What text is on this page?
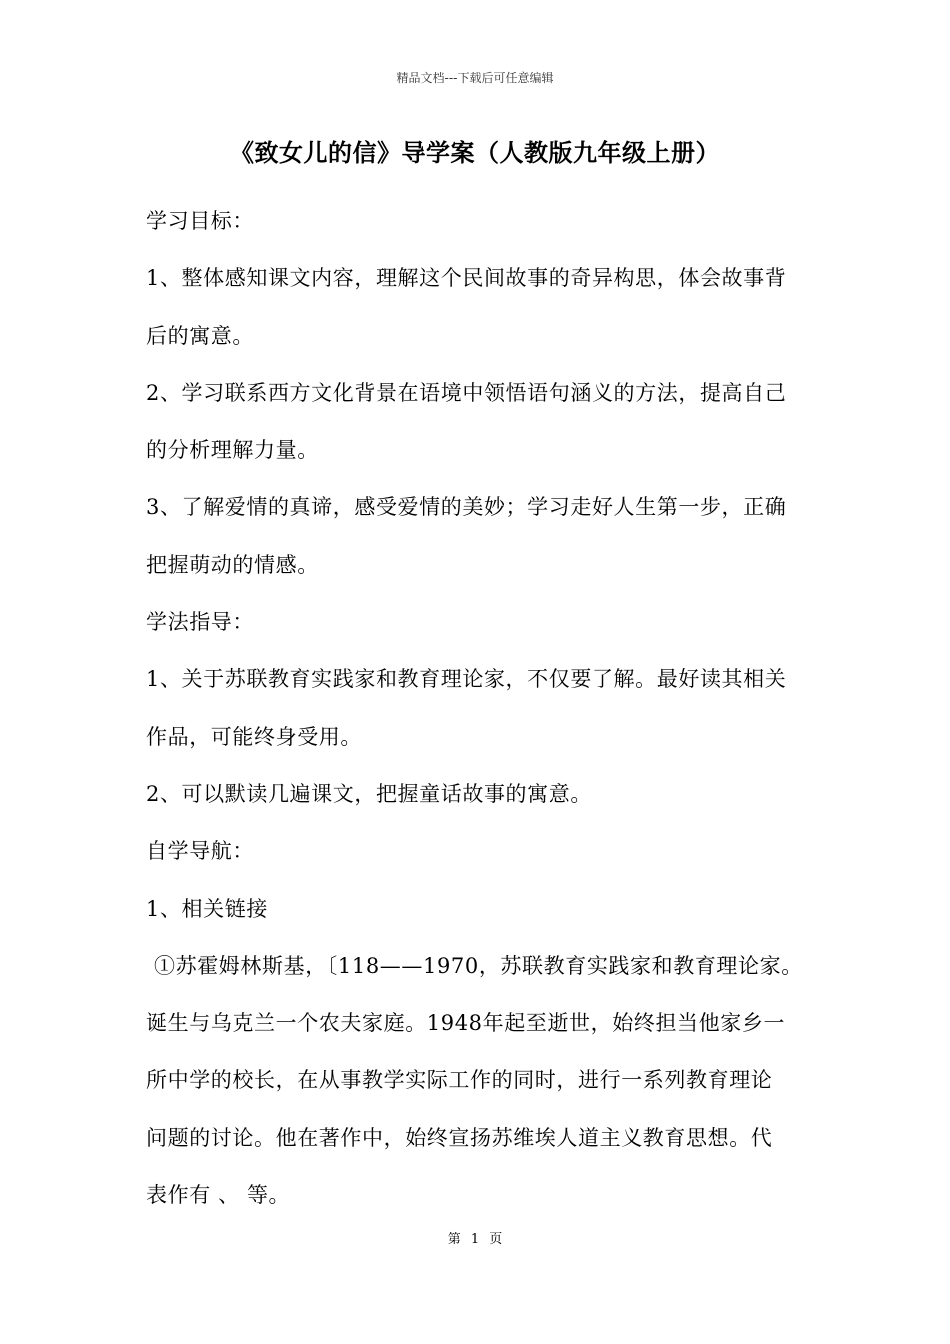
精品文档---下载后可任意编辑
《致女儿的信》导学案（人教版九年级上册）
学习目标：
1、整体感知课文内容，理解这个民间故事的奇异构思，体会故事背
后的寓意。
2、学习联系西方文化背景在语境中领悟语句涵义的方法，提高自己
的分析理解力量。
3、了解爱情的真谛，感受爱情的美妙；学习走好人生第一步，正确
把握萌动的情感。
学法指导：
1、关于苏联教育实践家和教育理论家，不仅要了解。最好读其相关
作品，可能终身受用。
2、可以默读几遍课文，把握童话故事的寓意。
自学导航：
1、相关链接
①苏霍姆林斯基，〔118——1970，苏联教育实践家和教育理论家。
诞生与乌克兰一个农夫家庭。1948年起至逝世，始终担当他家乡一
所中学的校长，在从事教学实际工作的同时，进行一系列教育理论
问题的讨论。他在著作中，始终宣扬苏维埃人道主义教育思想。代
表作有 、 等。
第 1 页
